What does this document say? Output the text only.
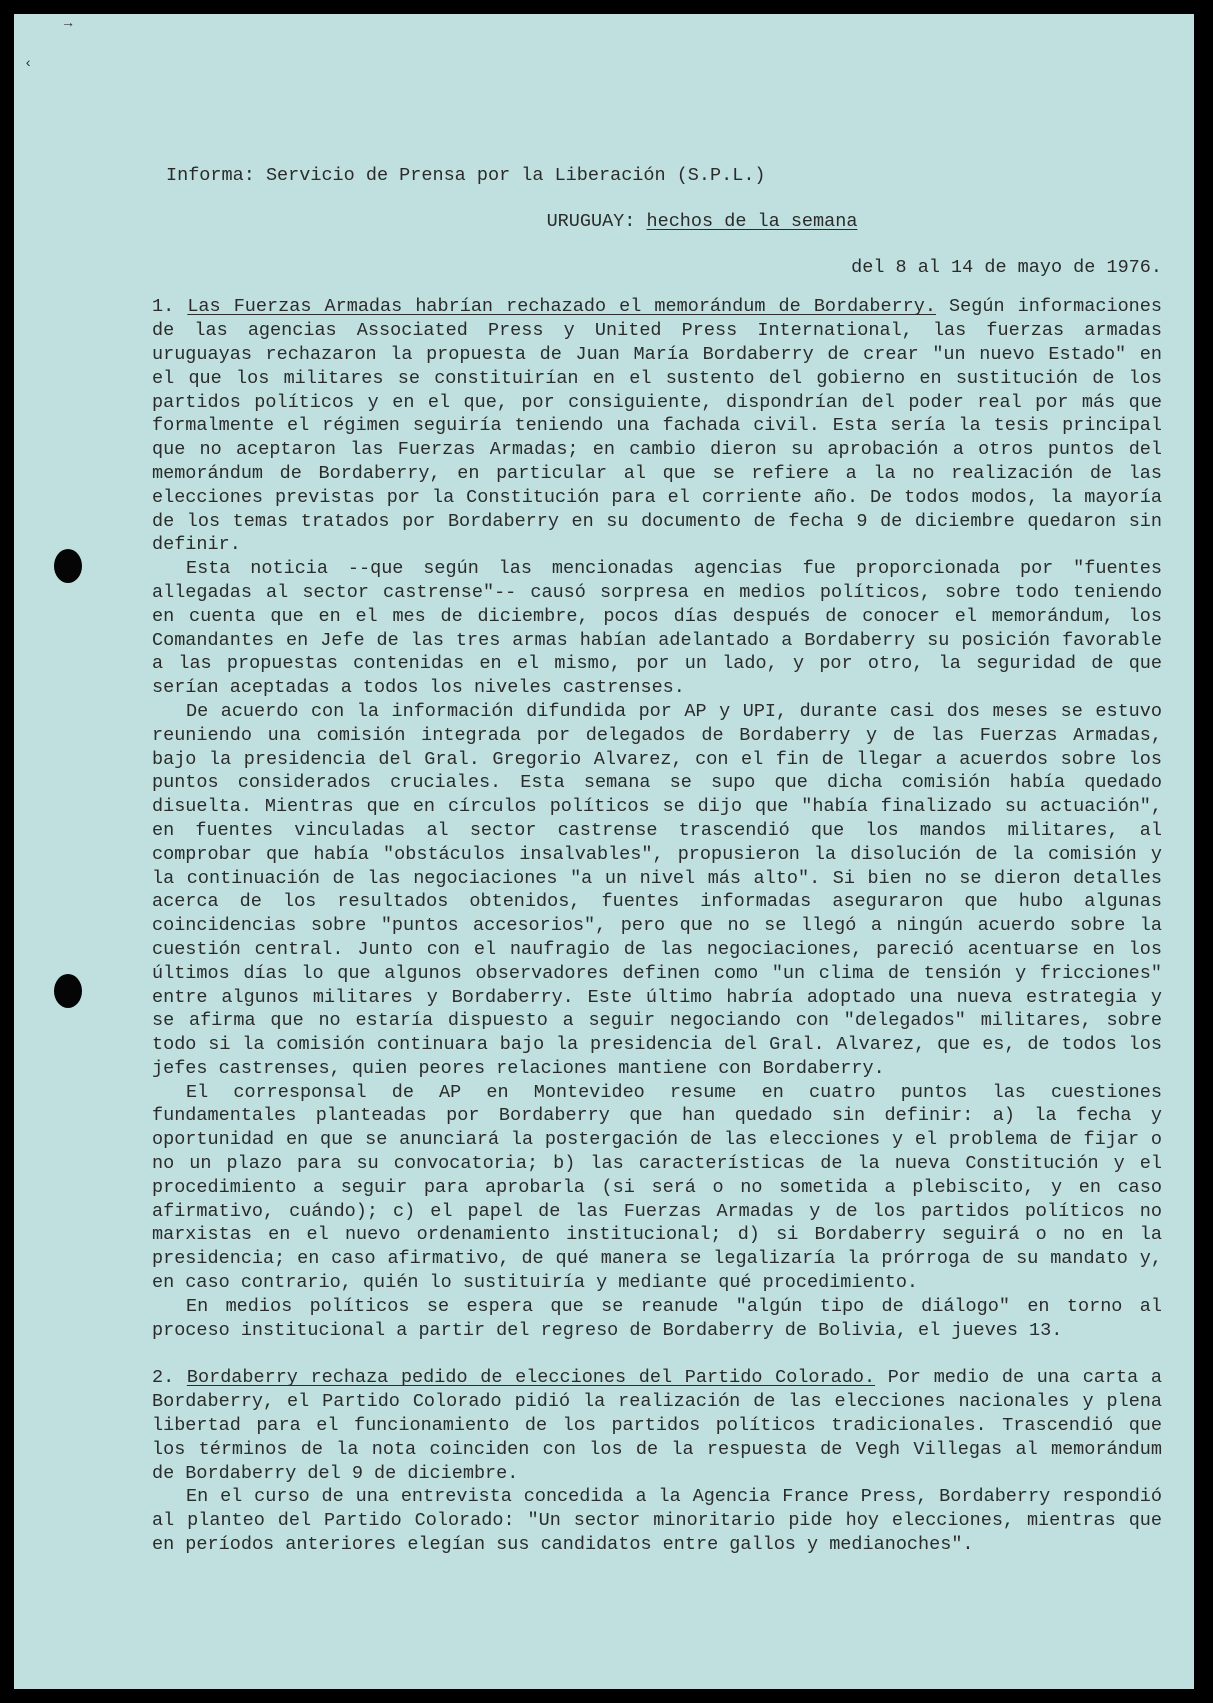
→
‹
Informa: Servicio de Prensa por la Liberación (S.P.L.)
URUGUAY: hechos de la semana
del 8 al 14 de mayo de 1976.

1. Las Fuerzas Armadas habrían rechazado el memorándum de Bordaberry. Según informaciones de las agencias Associated Press y United Press International, las fuerzas armadas uruguayas rechazaron la propuesta de Juan María Bordaberry de crear "un nuevo Estado" en el que los militares se constituirían en el sustento del gobierno en sustitución de los partidos políticos y en el que, por consiguiente, dispondrían del poder real por más que formalmente el régimen seguiría teniendo una fachada civil. Esta sería la tesis principal que no aceptaron las Fuerzas Armadas; en cambio dieron su aprobación a otros puntos del memorándum de Bordaberry, en particular al que se refiere a la no realización de las elecciones previstas por la Constitución para el corriente año. De todos modos, la mayoría de los temas tratados por Bordaberry en su documento de fecha 9 de diciembre quedaron sin definir.

Esta noticia --que según las mencionadas agencias fue proporcionada por "fuentes allegadas al sector castrense"-- causó sorpresa en medios políticos, sobre todo teniendo en cuenta que en el mes de diciembre, pocos días después de conocer el memorándum, los Comandantes en Jefe de las tres armas habían adelantado a Bordaberry su posición favorable a las propuestas contenidas en el mismo, por un lado, y por otro, la seguridad de que serían aceptadas a todos los niveles castrenses.

De acuerdo con la información difundida por AP y UPI, durante casi dos meses se estuvo reuniendo una comisión integrada por delegados de Bordaberry y de las Fuerzas Armadas, bajo la presidencia del Gral. Gregorio Alvarez, con el fin de llegar a acuerdos sobre los puntos considerados cruciales. Esta semana se supo que dicha comisión había quedado disuelta. Mientras que en círculos políticos se dijo que "había finalizado su actuación", en fuentes vinculadas al sector castrense trascendió que los mandos militares, al comprobar que había "obstáculos insalvables", propusieron la disolución de la comisión y la continuación de las negociaciones "a un nivel más alto". Si bien no se dieron detalles acerca de los resultados obtenidos, fuentes informadas aseguraron que hubo algunas coincidencias sobre "puntos accesorios", pero que no se llegó a ningún acuerdo sobre la cuestión central. Junto con el naufragio de las negociaciones, pareció acentuarse en los últimos días lo que algunos observadores definen como "un clima de tensión y fricciones" entre algunos militares y Bordaberry. Este último habría adoptado una nueva estrategia y se afirma que no estaría dispuesto a seguir negociando con "delegados" militares, sobre todo si la comisión continuara bajo la presidencia del Gral. Alvarez, que es, de todos los jefes castrenses, quien peores relaciones mantiene con Bordaberry.

El corresponsal de AP en Montevideo resume en cuatro puntos las cuestiones fundamentales planteadas por Bordaberry que han quedado sin definir: a) la fecha y oportunidad en que se anunciará la postergación de las elecciones y el problema de fijar o no un plazo para su convocatoria; b) las características de la nueva Constitución y el procedimiento a seguir para aprobarla (si será o no sometida a plebiscito, y en caso afirmativo, cuándo); c) el papel de las Fuerzas Armadas y de los partidos políticos no marxistas en el nuevo ordenamiento institucional; d) si Bordaberry seguirá o no en la presidencia; en caso afirmativo, de qué manera se legalizaría la prórroga de su mandato y, en caso contrario, quién lo sustituiría y mediante qué procedimiento.

En medios políticos se espera que se reanude "algún tipo de diálogo" en torno al proceso institucional a partir del regreso de Bordaberry de Bolivia, el jueves 13.

2. Bordaberry rechaza pedido de elecciones del Partido Colorado. Por medio de una carta a Bordaberry, el Partido Colorado pidió la realización de las elecciones nacionales y plena libertad para el funcionamiento de los partidos políticos tradicionales. Trascendió que los términos de la nota coinciden con los de la respuesta de Vegh Villegas al memorándum de Bordaberry del 9 de diciembre.

En el curso de una entrevista concedida a la Agencia France Press, Bordaberry respondió al planteo del Partido Colorado: "Un sector minoritario pide hoy elecciones, mientras que en períodos anteriores elegían sus candidatos entre gallos y medianoches".
